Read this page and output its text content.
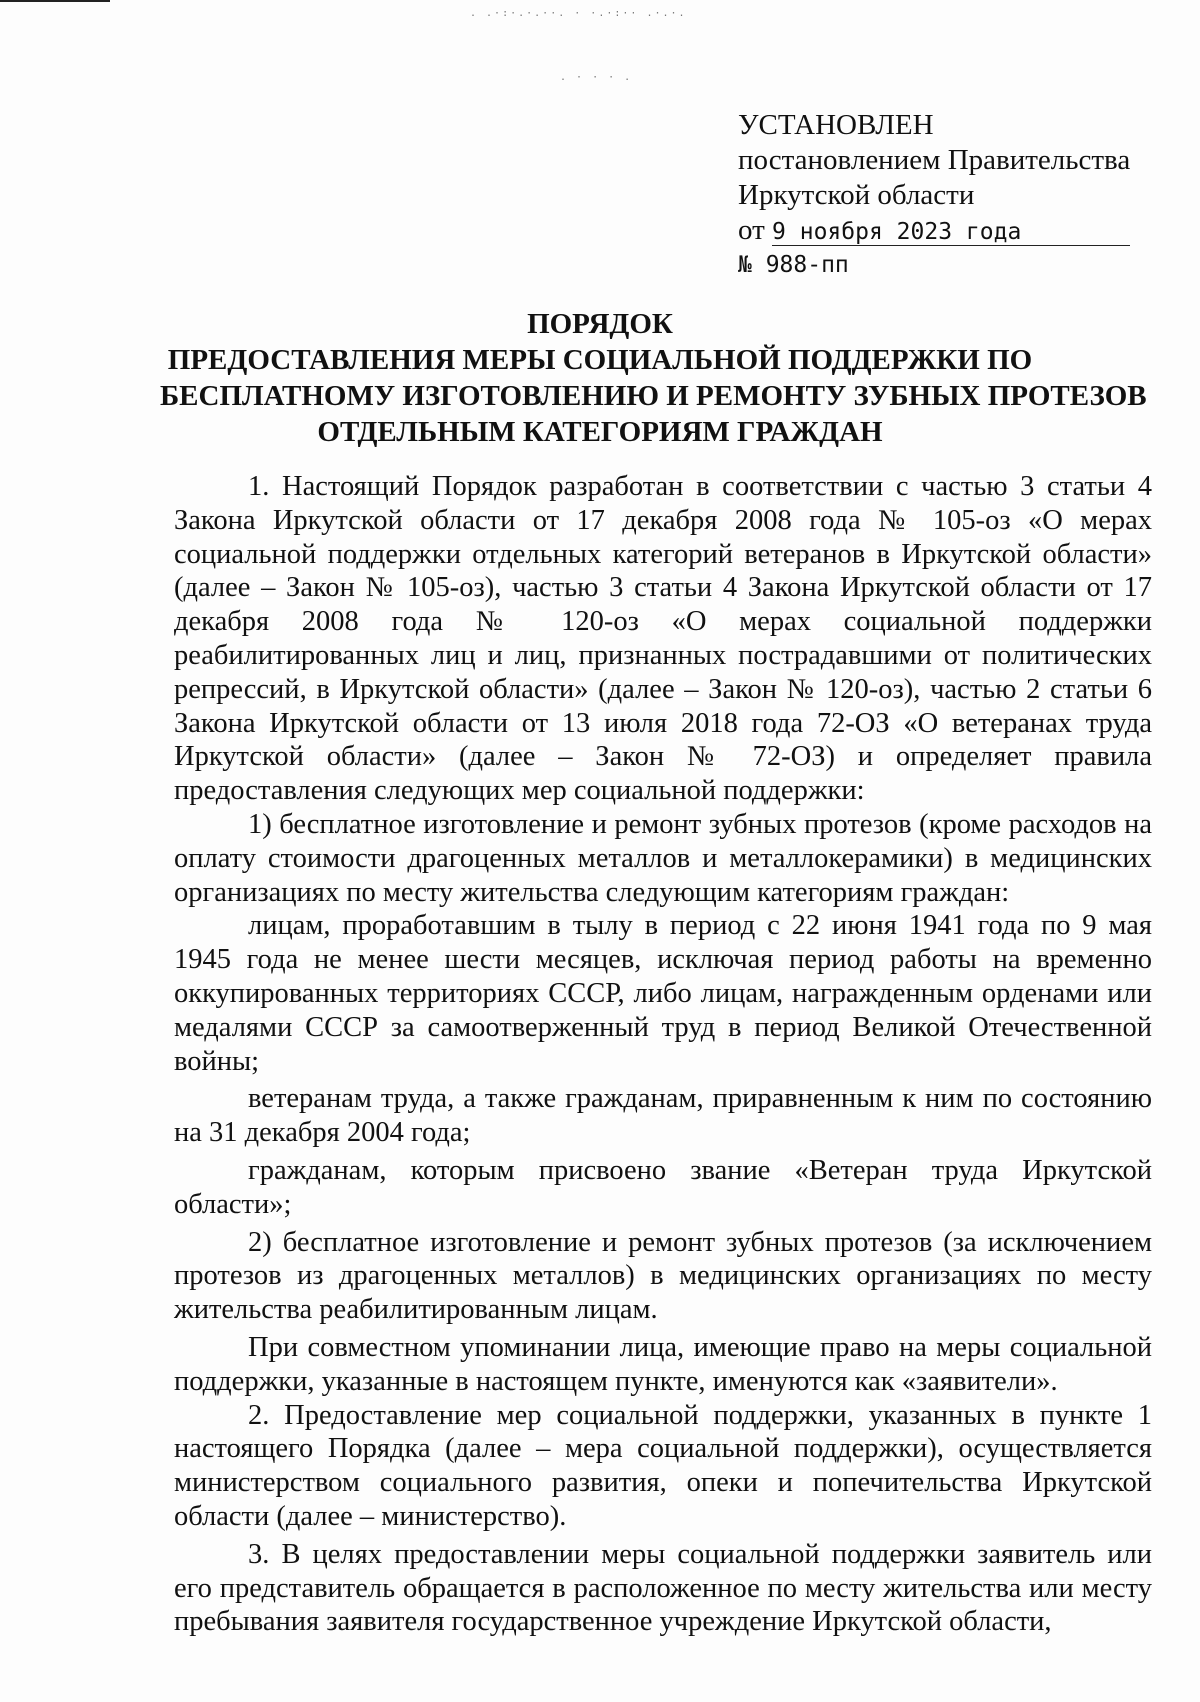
. .·:·.·.··. · ·.·:·· .·.·.
. · · · .
УСТАНОВЛЕН
постановлением Правительства
Иркутской области
от 9 ноября 2023 года
№ 988-пп
ПОРЯДОК
ПРЕДОСТАВЛЕНИЯ МЕРЫ СОЦИАЛЬНОЙ ПОДДЕРЖКИ ПО
БЕСПЛАТНОМУ ИЗГОТОВЛЕНИЮ И РЕМОНТУ ЗУБНЫХ ПРОТЕЗОВ
ОТДЕЛЬНЫМ КАТЕГОРИЯМ ГРАЖДАН

1. Настоящий Порядок разработан в соответствии с частью 3 статьи 4 Закона Иркутской области от 17 декабря 2008 года № 105-оз «О мерах социальной поддержки отдельных категорий ветеранов в Иркутской области» (далее – Закон № 105-оз), частью 3 статьи 4 Закона Иркутской области от 17 декабря 2008 года № 120-оз «О мерах социальной поддержки реабилитированных лиц и лиц, признанных пострадавшими от политических репрессий, в Иркутской области» (далее – Закон № 120-оз), частью 2 статьи 6 Закона Иркутской области от 13 июля 2018 года 72-ОЗ «О ветеранах труда Иркутской области» (далее – Закон № 72-ОЗ) и определяет правила предоставления следующих мер социальной поддержки:

1) бесплатное изготовление и ремонт зубных протезов (кроме расходов на оплату стоимости драгоценных металлов и металлокерамики) в медицинских организациях по месту жительства следующим категориям граждан:

лицам, проработавшим в тылу в период с 22 июня 1941 года по 9 мая 1945 года не менее шести месяцев, исключая период работы на временно оккупированных территориях СССР, либо лицам, награжденным орденами или медалями СССР за самоотверженный труд в период Великой Отечественной войны;

ветеранам труда, а также гражданам, приравненным к ним по состоянию на 31 декабря 2004 года;

гражданам, которым присвоено звание «Ветеран труда Иркутской области»;

2) бесплатное изготовление и ремонт зубных протезов (за исключением протезов из драгоценных металлов) в медицинских организациях по месту жительства реабилитированным лицам.

При совместном упоминании лица, имеющие право на меры социальной поддержки, указанные в настоящем пункте, именуются как «заявители».

2. Предоставление мер социальной поддержки, указанных в пункте 1 настоящего Порядка (далее – мера социальной поддержки), осуществляется министерством социального развития, опеки и попечительства Иркутской области (далее – министерство).

3. В целях предоставлении меры социальной поддержки заявитель или его представитель обращается в расположенное по месту жительства или месту пребывания заявителя государственное учреждение Иркутской области,
